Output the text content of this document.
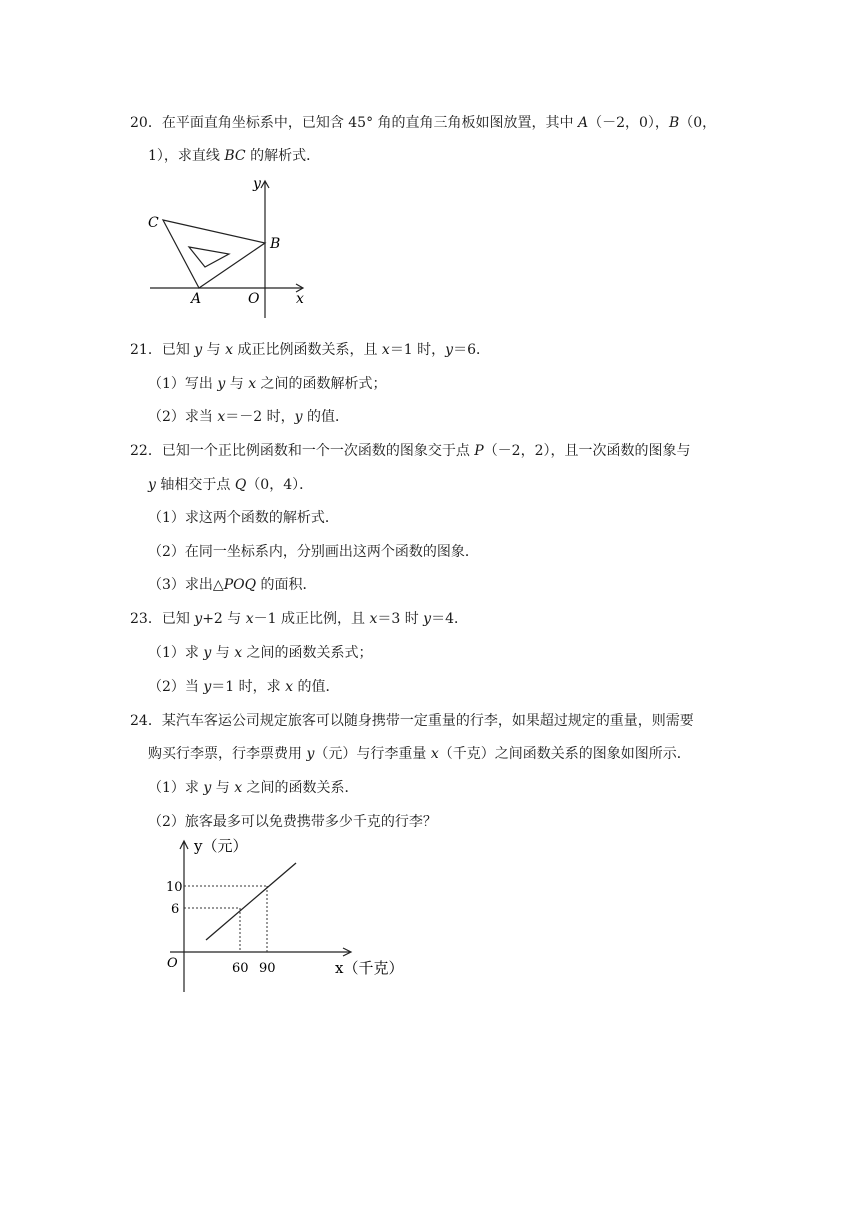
20．在平面直角坐标系中，已知含 45° 角的直角三角板如图放置，其中 A（－2，0），B（0，
1），求直线 BC 的解析式．
y
C
B
A	O	x
21．已知 y 与 x 成正比例函数关系，且 x＝1 时，y＝6．
（1）写出 y 与 x 之间的函数解析式；
（2）求当 x＝－2 时，y 的值．
22．已知一个正比例函数和一个一次函数的图象交于点 P（－2，2），且一次函数的图象与
y 轴相交于点 Q（0，4）．
（1）求这两个函数的解析式．
（2）在同一坐标系内，分别画出这两个函数的图象．
（3）求出△POQ 的面积．
23．已知 y+2 与 x－1 成正比例，且 x＝3 时 y＝4．
（1）求 y 与 x 之间的函数关系式；
（2）当 y＝1 时，求 x 的值．
24．某汽车客运公司规定旅客可以随身携带一定重量的行李，如果超过规定的重量，则需要
购买行李票，行李票费用 y（元）与行李重量 x（千克）之间函数关系的图象如图所示．
（1）求 y 与 x 之间的函数关系．
（2）旅客最多可以免费携带多少千克的行李？
y（元）
10
6
O	60 90	x（千克）
